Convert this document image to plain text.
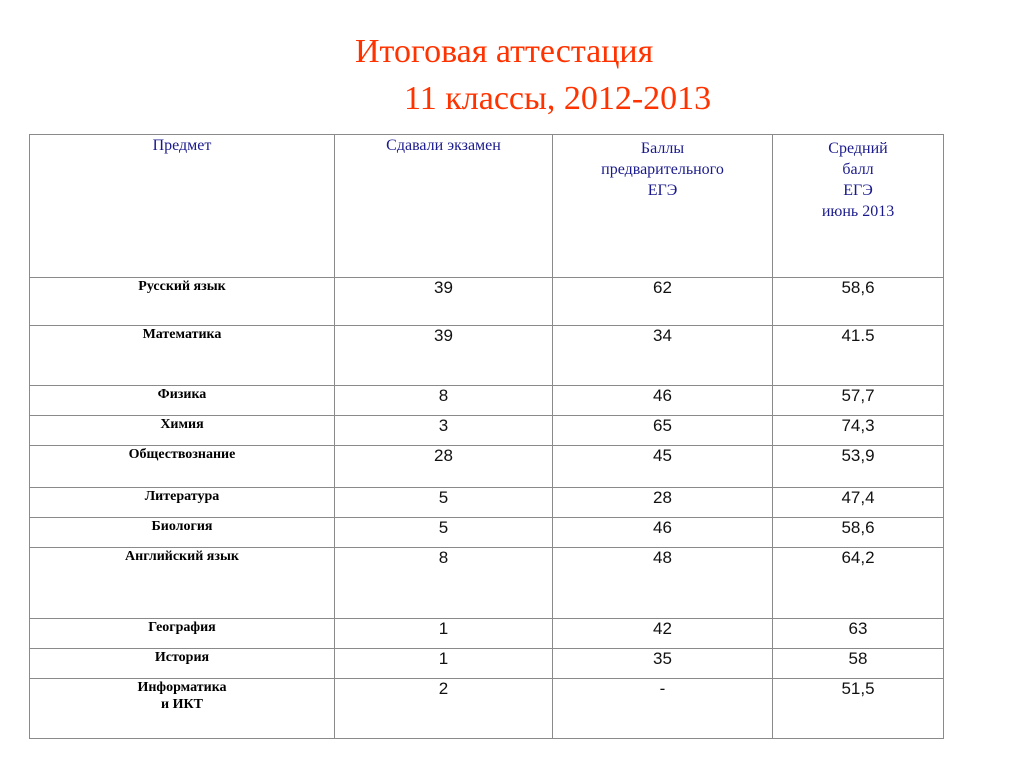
Итоговая аттестация
11 классы, 2012-2013
Предмет	Сдавали экзамен	Баллы
предварительного
ЕГЭ	Средний
балл
ЕГЭ
июнь 2013
Русский язык	39	62	58,6
Математика	39	34	41.5
Физика	8	46	57,7
Химия	3	65	74,3
Обществознание	28	45	53,9
Литература	5	28	47,4
Биология	5	46	58,6
Английский язык	8	48	64,2
География	1	42	63
История	1	35	58
Информатика
и ИКТ	2	-	51,5
